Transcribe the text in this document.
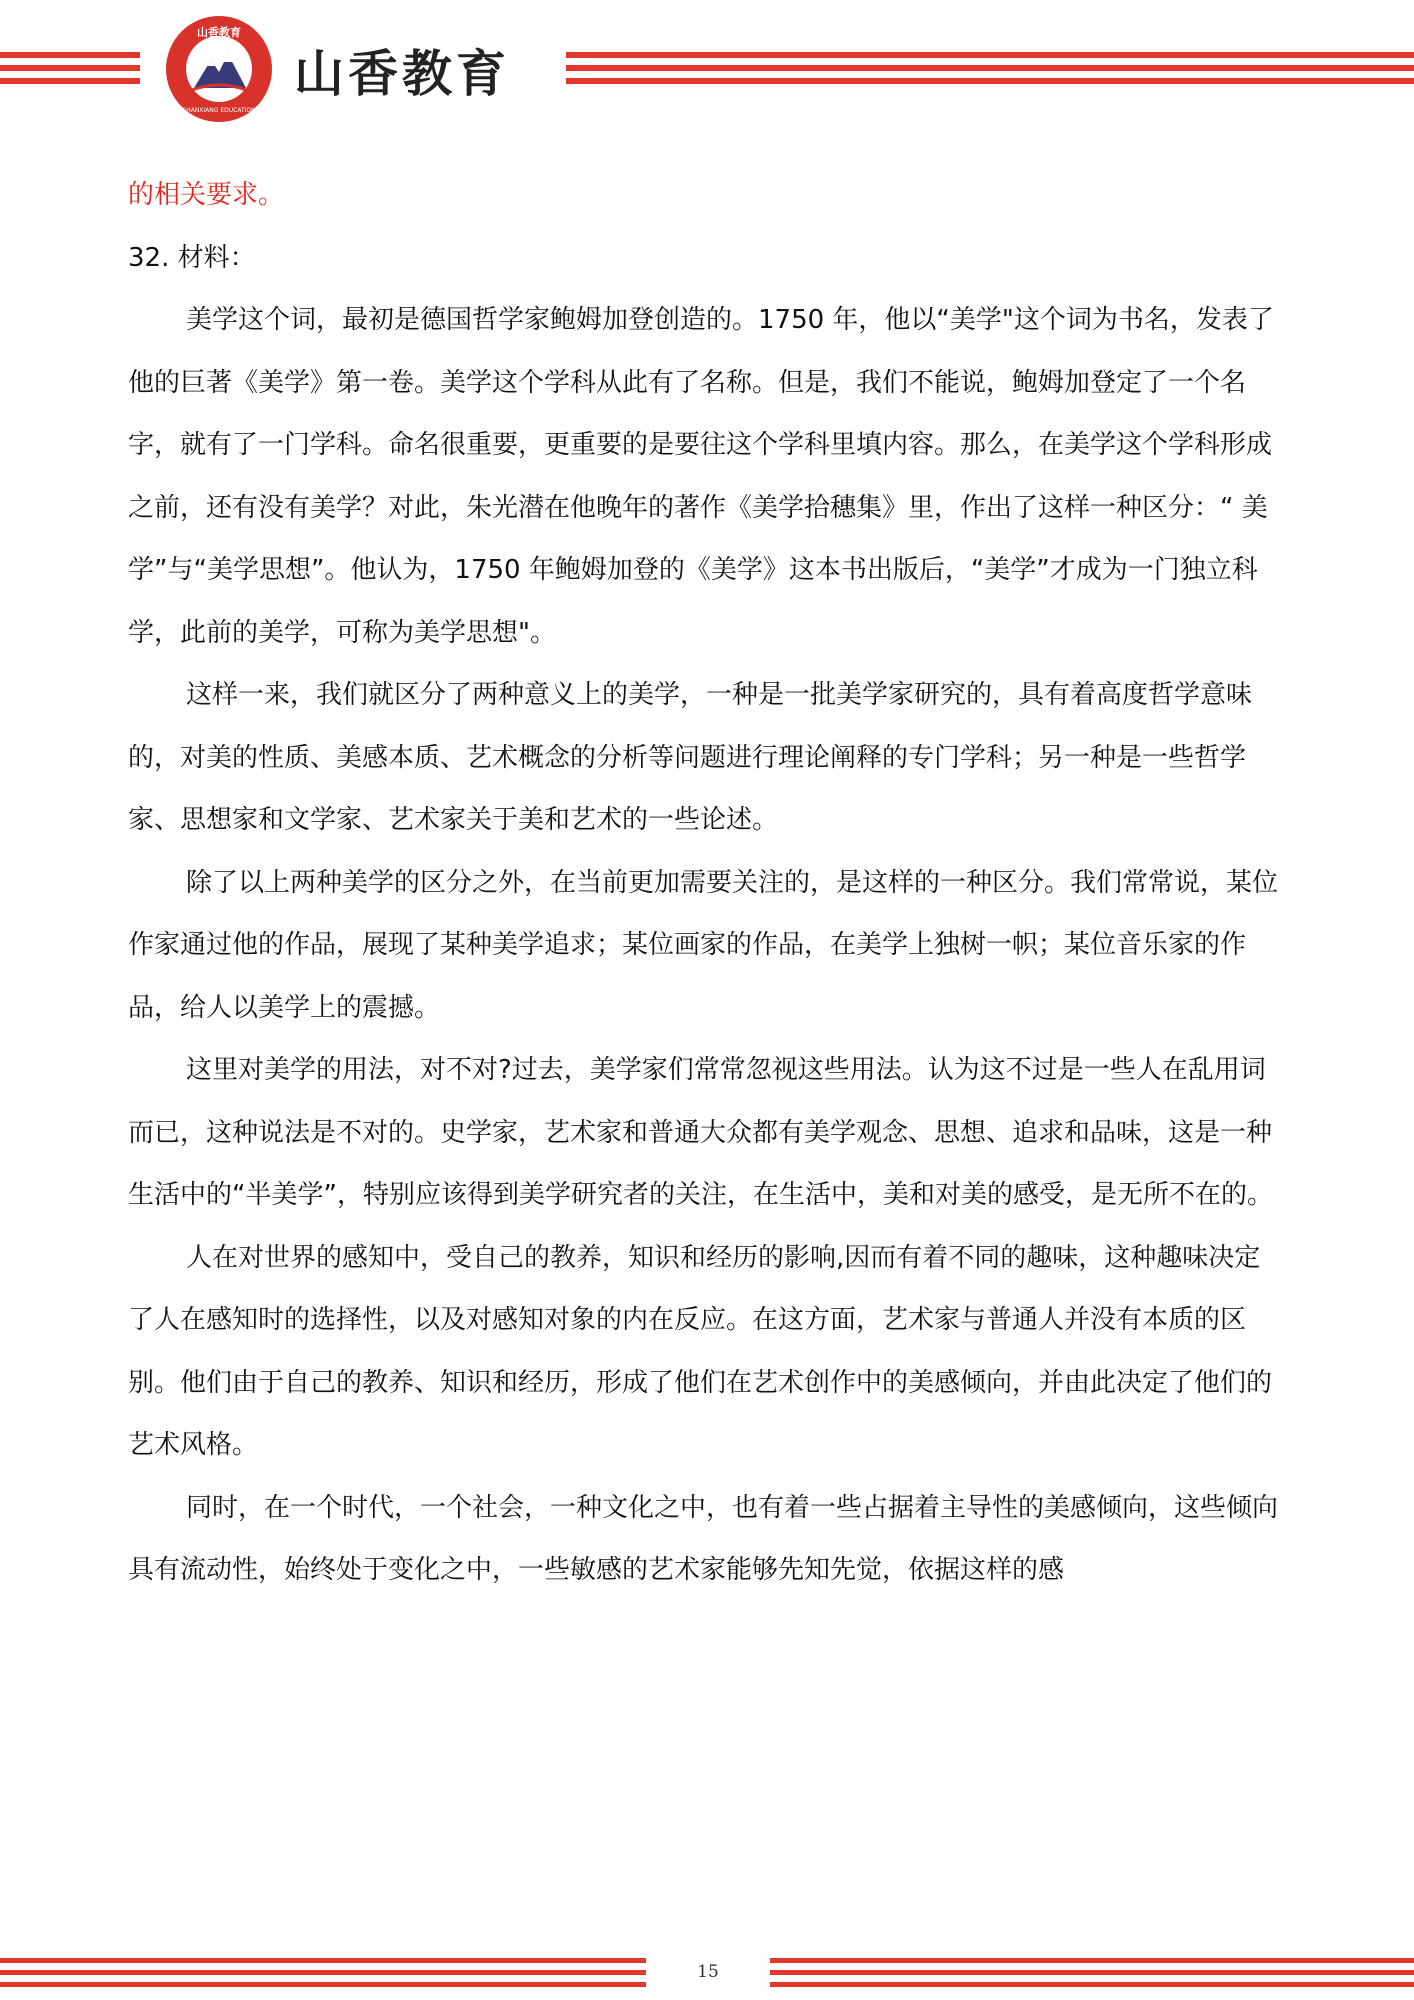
山香教育
SHANXIANG EDUCATION
山香教育

的相关要求。

32. 材料：

美学这个词，最初是德国哲学家鲍姆加登创造的。1750 年，他以“美学"这个词为书名，发表了他的巨著《美学》第一卷。美学这个学科从此有了名称。但是，我们不能说，鲍姆加登定了一个名字，就有了一门学科。命名很重要，更重要的是要往这个学科里填内容。那么，在美学这个学科形成之前，还有没有美学？对此，朱光潜在他晚年的著作《美学拾穗集》里，作出了这样一种区分：“ 美学”与“美学思想”。他认为，1750 年鲍姆加登的《美学》这本书出版后，“美学”才成为一门独立科学，此前的美学，可称为美学思想"。

这样一来，我们就区分了两种意义上的美学，一种是一批美学家研究的，具有着高度哲学意味的，对美的性质、美感本质、艺术概念的分析等问题进行理论阐释的专门学科；另一种是一些哲学家、思想家和文学家、艺术家关于美和艺术的一些论述。

除了以上两种美学的区分之外，在当前更加需要关注的，是这样的一种区分。我们常常说，某位作家通过他的作品，展现了某种美学追求；某位画家的作品，在美学上独树一帜；某位音乐家的作品，给人以美学上的震撼。

这里对美学的用法，对不对?过去，美学家们常常忽视这些用法。认为这不过是一些人在乱用词而已，这种说法是不对的。史学家，艺术家和普通大众都有美学观念、思想、追求和品味，这是一种生活中的“半美学”，特别应该得到美学研究者的关注，在生活中，美和对美的感受，是无所不在的。

人在对世界的感知中，受自己的教养，知识和经历的影响,因而有着不同的趣味，这种趣味决定了人在感知时的选择性，以及对感知对象的内在反应。在这方面，艺术家与普通人并没有本质的区别。他们由于自己的教养、知识和经历，形成了他们在艺术创作中的美感倾向，并由此决定了他们的艺术风格。

同时，在一个时代，一个社会，一种文化之中，也有着一些占据着主导性的美感倾向，这些倾向具有流动性，始终处于变化之中，一些敏感的艺术家能够先知先觉，依据这样的感

15
